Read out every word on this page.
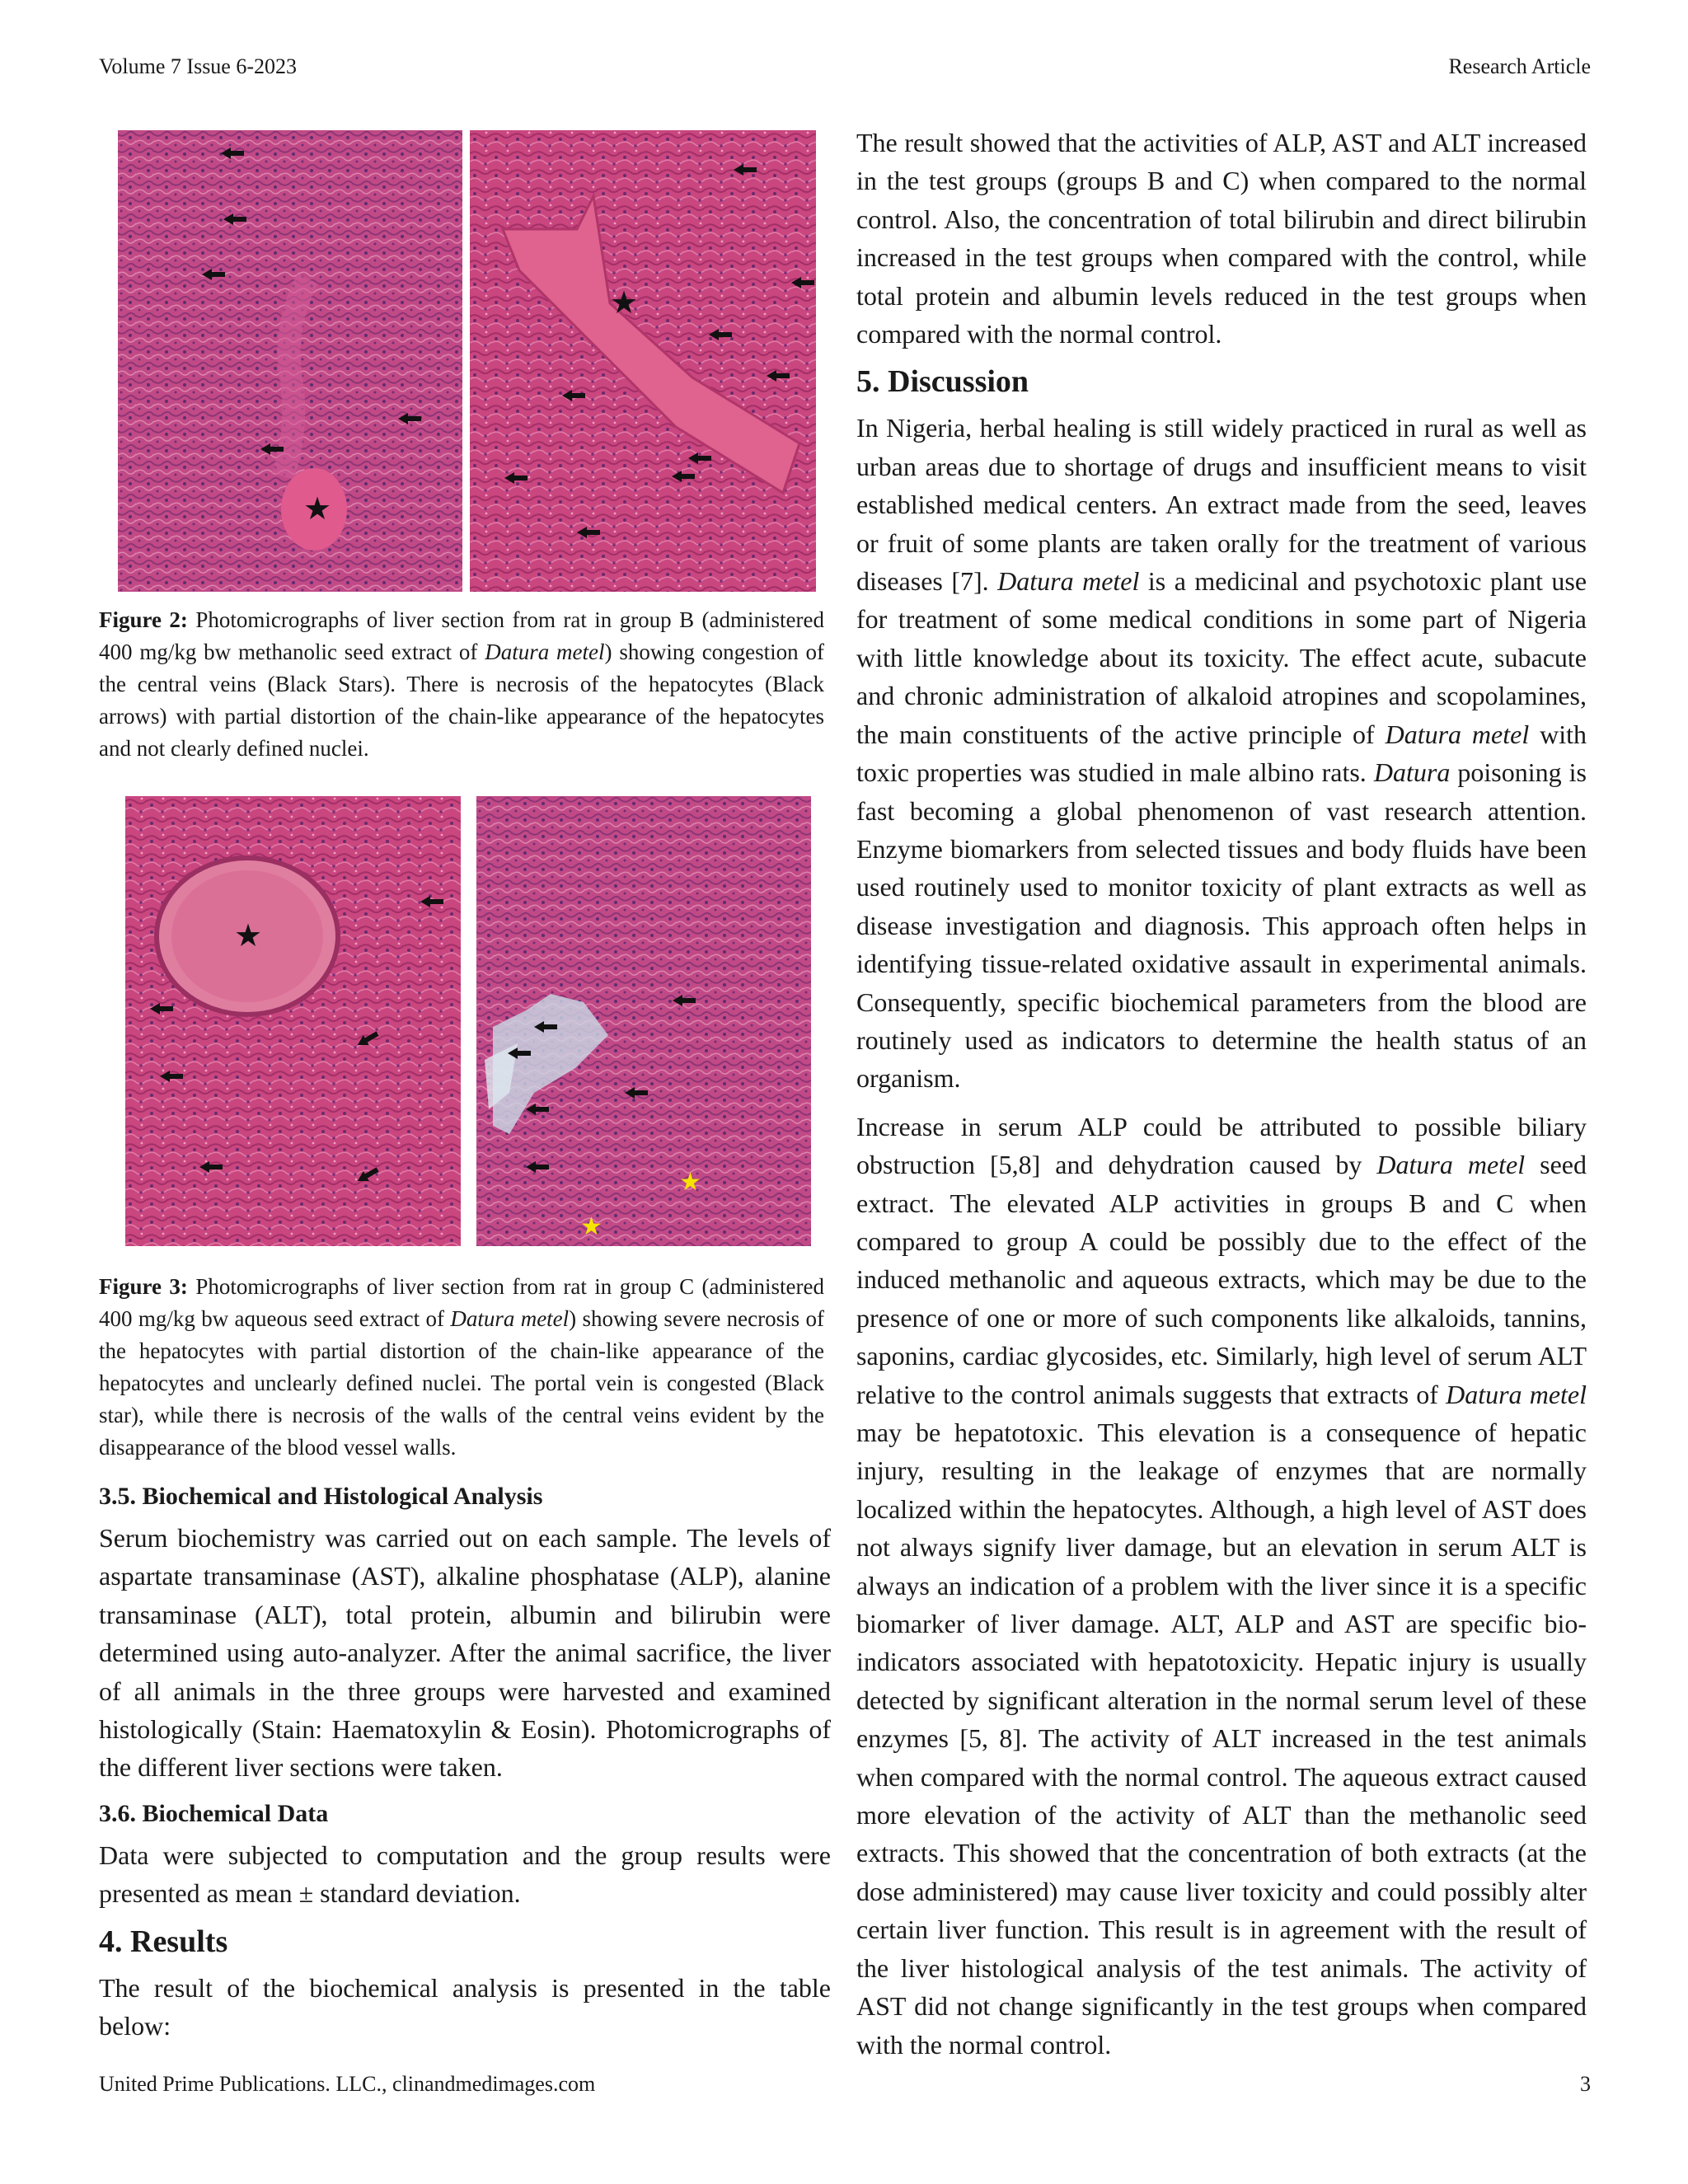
Volume 7 Issue 6-2023	Research Article
★
★
Figure 2: Photomicrographs of liver section from rat in group B (administered 400 mg/kg bw methanolic seed extract of Datura metel) showing congestion of the central veins (Black Stars). There is necrosis of the hepatocytes (Black arrows) with partial distortion of the chain-like appearance of the hepatocytes and not clearly defined nuclei.
★
★
★
Figure 3: Photomicrographs of liver section from rat in group C (administered 400 mg/kg bw aqueous seed extract of Datura metel) showing severe necrosis of the hepatocytes with partial distortion of the chain-like appearance of the hepatocytes and unclearly defined nuclei. The portal vein is congested (Black star), while there is necrosis of the walls of the central veins evident by the disappearance of the blood vessel walls.
3.5. Biochemical and Histological Analysis

Serum biochemistry was carried out on each sample. The levels of aspartate transaminase (AST), alkaline phosphatase (ALP), alanine transaminase (ALT), total protein, albumin and bilirubin were determined using auto-analyzer. After the animal sacrifice, the liver of all animals in the three groups were harvested and examined histologically (Stain: Haematoxylin & Eosin). Photomicrographs of the different liver sections were taken.

3.6. Biochemical Data

Data were subjected to computation and the group results were presented as mean ± standard deviation.

4. Results

The result of the biochemical analysis is presented in the table below:

The result showed that the activities of ALP, AST and ALT increased in the test groups (groups B and C) when compared to the normal control. Also, the concentration of total bilirubin and direct bilirubin increased in the test groups when compared with the control, while total protein and albumin levels reduced in the test groups when compared with the normal control.

5. Discussion

In Nigeria, herbal healing is still widely practiced in rural as well as urban areas due to shortage of drugs and insufficient means to visit established medical centers. An extract made from the seed, leaves or fruit of some plants are taken orally for the treatment of various diseases [7]. Datura metel is a medicinal and psychotoxic plant use for treatment of some medical conditions in some part of Nigeria with little knowledge about its toxicity. The effect acute, subacute and chronic administration of alkaloid atropines and scopolamines, the main constituents of the active principle of Datura metel with toxic properties was studied in male albino rats. Datura poisoning is fast becoming a global phenomenon of vast research attention. Enzyme biomarkers from selected tissues and body fluids have been used routinely used to monitor toxicity of plant extracts as well as disease investigation and diagnosis. This approach often helps in identifying tissue-related oxidative assault in experimental animals. Consequently, specific biochemical parameters from the blood are routinely used as indicators to determine the health status of an organism.

Increase in serum ALP could be attributed to possible biliary obstruction [5,8] and dehydration caused by Datura metel seed extract. The elevated ALP activities in groups B and C when compared to group A could be possibly due to the effect of the induced methanolic and aqueous extracts, which may be due to the presence of one or more of such components like alkaloids, tannins, saponins, cardiac glycosides, etc. Similarly, high level of serum ALT relative to the control animals suggests that extracts of Datura metel may be hepatotoxic. This elevation is a consequence of hepatic injury, resulting in the leakage of enzymes that are normally localized within the hepatocytes. Although, a high level of AST does not always signify liver damage, but an elevation in serum ALT is always an indication of a problem with the liver since it is a specific biomarker of liver damage. ALT, ALP and AST are specific bio-indicators associated with hepatotoxicity. Hepatic injury is usually detected by significant alteration in the normal serum level of these enzymes [5, 8]. The activity of ALT increased in the test animals when compared with the normal control. The aqueous extract caused more elevation of the activity of ALT than the methanolic seed extracts. This showed that the concentration of both extracts (at the dose administered) may cause liver toxicity and could possibly alter certain liver function. This result is in agreement with the result of the liver histological analysis of the test animals. The activity of AST did not change significantly in the test groups when compared with the normal control.

United Prime Publications. LLC., clinandmedimages.com	3
